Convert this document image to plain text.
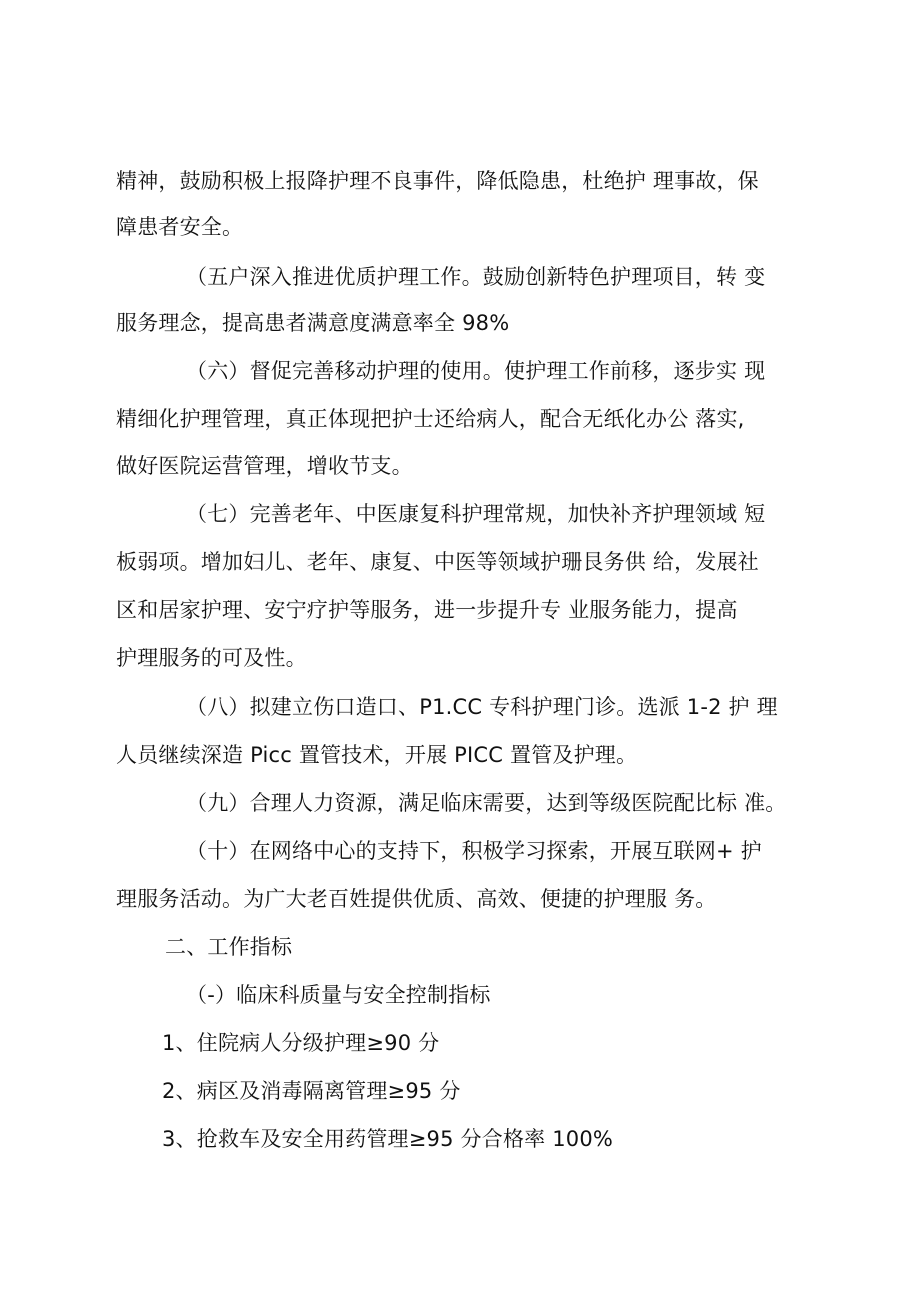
精神，鼓励积极上报降护理不良事件，降低隐患，杜绝护 理事故，保
障患者安全。
（五户深入推进优质护理工作。鼓励创新特色护理项目，转 变
服务理念，提高患者满意度满意率全 98%
（六）督促完善移动护理的使用。使护理工作前移，逐步实 现
精细化护理管理，真正体现把护士还给病人，配合无纸化办公 落实,
做好医院运营管理，增收节支。
（七）完善老年、中医康复科护理常规，加快补齐护理领域 短
板弱项。增加妇儿、老年、康复、中医等领域护珊艮务供 给，发展社
区和居家护理、安宁疗护等服务，进一步提升专 业服务能力，提高
护理服务的可及性。
（八）拟建立伤口造口、P1.CC 专科护理门诊。选派 1-2 护 理
人员继续深造 Picc 置管技术，开展 PICC 置管及护理。
（九）合理人力资源，满足临床需要，达到等级医院配比标 准。
（十）在网络中心的支持下，积极学习探索，开展互联网+ 护
理服务活动。为广大老百姓提供优质、高效、便捷的护理服 务。
二、工作指标
（-）临床科质量与安全控制指标
1、住院病人分级护理≥90 分
2、病区及消毒隔离管理≥95 分
3、抢救车及安全用药管理≥95 分合格率 100%
